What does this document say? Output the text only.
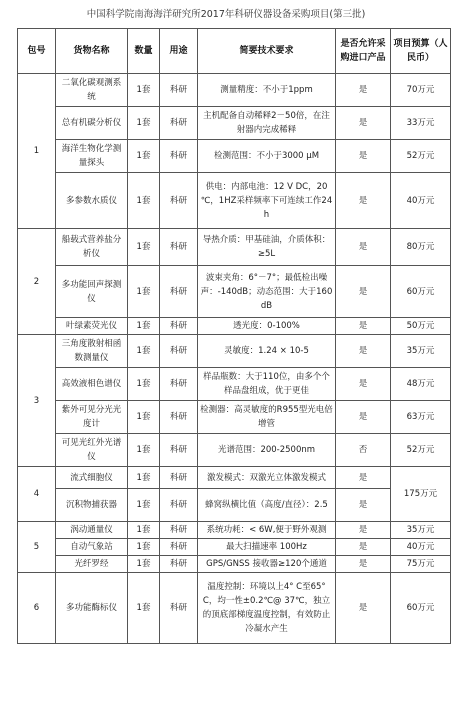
中国科学院南海海洋研究所2017年科研仪器设备采购项目(第三批)
包号	货物名称	数量	用途	简要技术要求	是否允许采购进口产品	项目预算（人民币）
1	二氧化碳观测系统	1套	科研	测量精度：不小于1ppm	是	70万元
	总有机碳分析仪	1套	科研	主机配备自动稀释2－50倍，在注射器内完成稀释	是	33万元
	海洋生物化学测量探头	1套	科研	检测范围：不小于3000 μM	是	52万元
	多参数水质仪	1套	科研	供电：内部电池：12 V DC，20 ℃，1HZ采样频率下可连续工作24h	是	40万元
2	船载式营养盐分析仪	1套	科研	导热介质：甲基硅油，介质体积：≥5L	是	80万元
	多功能回声探测仪	1套	科研	波束夹角：6°－7°；最低检出噪声：-140dB；动态范围：大于160dB	是	60万元
	叶绿素荧光仪	1套	科研	透光度：0-100%	是	50万元
3	三角度散射相函数测量仪	1套	科研	灵敏度：1.24 × 10-5	是	35万元
	高效液相色谱仪	1套	科研	样品瓶数：大于110位，由多个个样品盘组成，优于更佳	是	48万元
	紫外可见分光光度计	1套	科研	检测器：高灵敏度的R955型光电倍增管	是	63万元
	可见光红外光谱仪	1套	科研	光谱范围：200-2500nm	否	52万元
4	流式细胞仪	1套	科研	激发模式：双激光立体激发模式	是	175万元
	沉积物捕获器	1套	科研	蜂窝纵横比值（高度/直径）：2.5	是	
5	涡动通量仪	1套	科研	系统功耗：< 6W,便于野外观测	是	35万元
	自动气象站	1套	科研	最大扫描速率 100Hz	是	40万元
	光纤罗经	1套	科研	GPS/GNSS 接收器≥120个通道	是	75万元
6	多功能酶标仪	1套	科研	温度控制：环境以上4° C至65° C，均一性±0.2℃@ 37℃，独立的顶底部梯度温度控制，有效防止冷凝水产生	是	60万元
